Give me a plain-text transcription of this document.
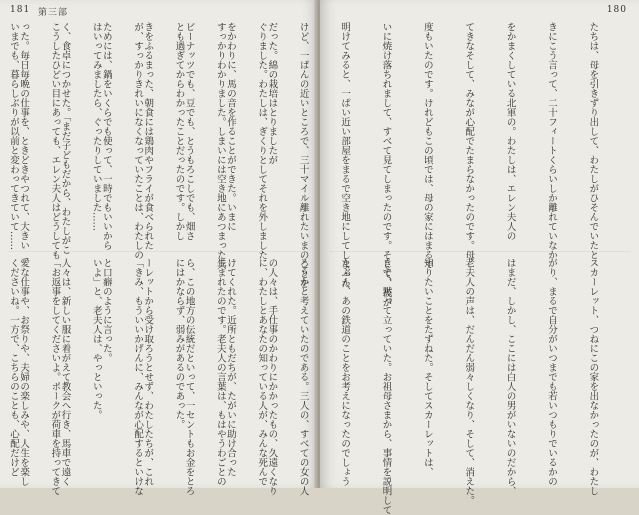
181 第三部

だった。綿の栽培はとりましたが

をかわりに、馬の音を作ることができた。いまに

ビーナッツでも、豆でも、とうもろこしでも、畑さ

きをふるまった、朝食には鶏肉やフライが食べられた

ためには、鍋をいくらでも使って、一時でもいいから

く、食卓につかせた。「まだ子どもだから、わたしがこ

った。毎日毎晩の仕事を、ときどきやつれて、大きい

の人々は、手仕事のかわりにかかったもの、久遠くなり

けてくれた。近所ともだちが、たがいに助け合った

ら、この地方の伝統だといって、一セントもお金をとろ

ーレットから受け取ろうとせず、わたしたちが、これ

と口癖のように言った。

人々は、新しい服に着がえて教会へ行き、馬車で遠く

愛な仕事や、お祭りや、夫婦の楽しみや、人生を楽し

180

たちは、母を引きずり出して、わたしがひそんでいたと

きにこう言って、二十フィートくらいしか離れていなか

をかまくしている北軍の。わたしは、エレン夫人の

てきなそして、みなが心配でたまらなかったのです。母

度もいたのです。けれどもこの頃では、母の家にはまるで

いに焼け落ちれまして、すべて見てしまったのです。そして、夜が

明けてみると、一ぱい近い部屋をまるで空き地にしてしまった

けど、一ぱんの近いところで、三十マイル離れたいまのことを

ぐりました。わたしは、ぎくりとしてそれを外しました

すっかりわかりました。しまいには空き地にあつまった兵

とも過ぎてからわかったことだったのです。しかし

が、すっかりきれいになくなっていたことは、わたしの

はいってみましたら、ぐったりしていました……

こうしたひどい目にあっても、エレン夫人はどうしても

いまでも、暮らしぶりが以前と変わってきていて……

スカーレット、つねにこの家を出なかったのが、わたし

がり、まるで自分がいつまでも若いつもりでいるかの

はまだ、しかし、ここには白人の男がいないのだから、

老夫人の声は、だんだん弱々しくなり、そして、消えた。

知りたいことをたずねた。そしてスカーレットは、

きで、黙って立っていた。お祖母さまから、事情を説明して

たぶん、あの鉄道のことをお考えになったのでしょう

ろうかと考えていたのである。三人の、すべての女の人

に、わたしとあなたの知っている人が、みんな死んで

生まれたのです。老夫人の言葉は、もはやうわごとの

にはかならず、弱みがあるのであった。

「きみ、もういいかげんに、みんなが心配するといけな

いよ」と、老夫人は、やっといった。

「お返事をしてくださいよ。ポークが荷車を持ってきて

くださいね。一方で、こちらのことも、心配だけど
